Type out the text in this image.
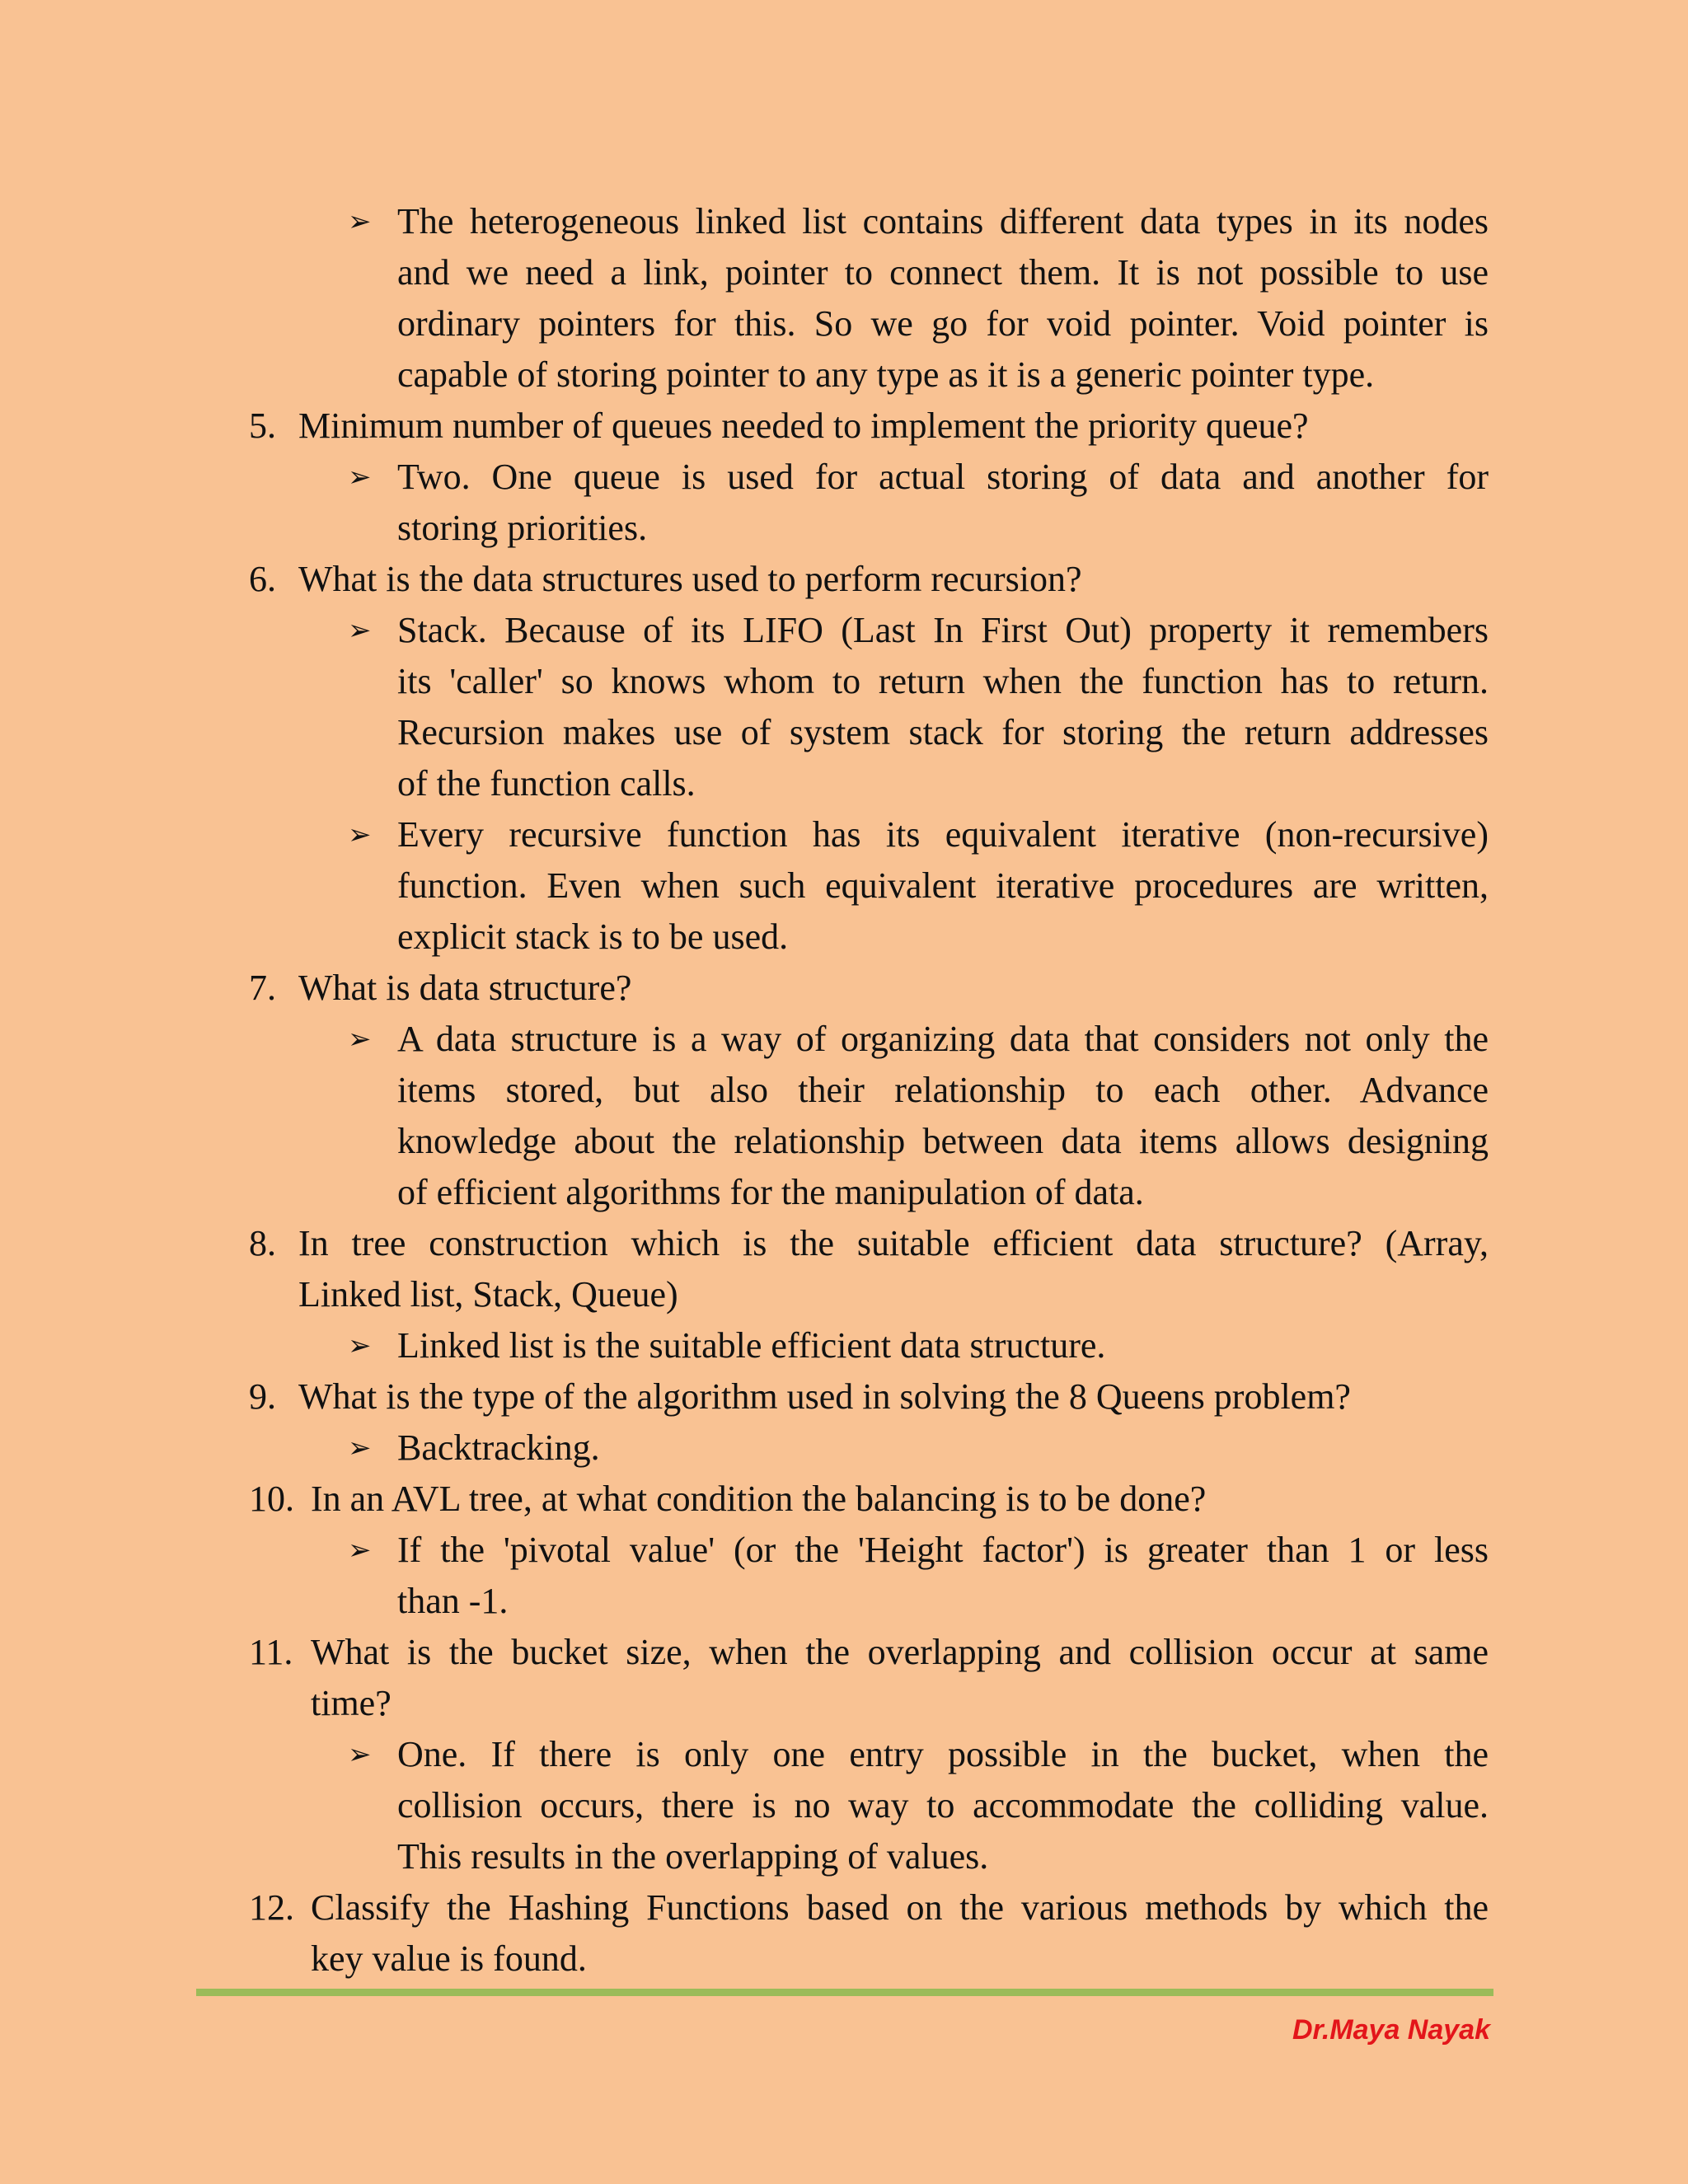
➢ The heterogeneous linked list contains different data types in its nodes
and we need a link, pointer to connect them. It is not possible to use
ordinary pointers for this. So we go for void pointer. Void pointer is
capable of storing pointer to any type as it is a generic pointer type.
5. Minimum number of queues needed to implement the priority queue?
➢ Two. One queue is used for actual storing of data and another for
storing priorities.
6. What is the data structures used to perform recursion?
➢ Stack. Because of its LIFO (Last In First Out) property it remembers
its 'caller' so knows whom to return when the function has to return.
Recursion makes use of system stack for storing the return addresses
of the function calls.
➢ Every recursive function has its equivalent iterative (non-recursive)
function. Even when such equivalent iterative procedures are written,
explicit stack is to be used.
7. What is data structure?
➢ A data structure is a way of organizing data that considers not only the
items stored, but also their relationship to each other. Advance
knowledge about the relationship between data items allows designing
of efficient algorithms for the manipulation of data.
8. In tree construction which is the suitable efficient data structure? (Array,
Linked list, Stack, Queue)
➢ Linked list is the suitable efficient data structure.
9. What is the type of the algorithm used in solving the 8 Queens problem?
➢ Backtracking.
10. In an AVL tree, at what condition the balancing is to be done?
➢ If the 'pivotal value' (or the 'Height factor') is greater than 1 or less
than -1.
11. What is the bucket size, when the overlapping and collision occur at same
time?
➢ One. If there is only one entry possible in the bucket, when the
collision occurs, there is no way to accommodate the colliding value.
This results in the overlapping of values.
12. Classify the Hashing Functions based on the various methods by which the
key value is found.
Dr.Maya Nayak
